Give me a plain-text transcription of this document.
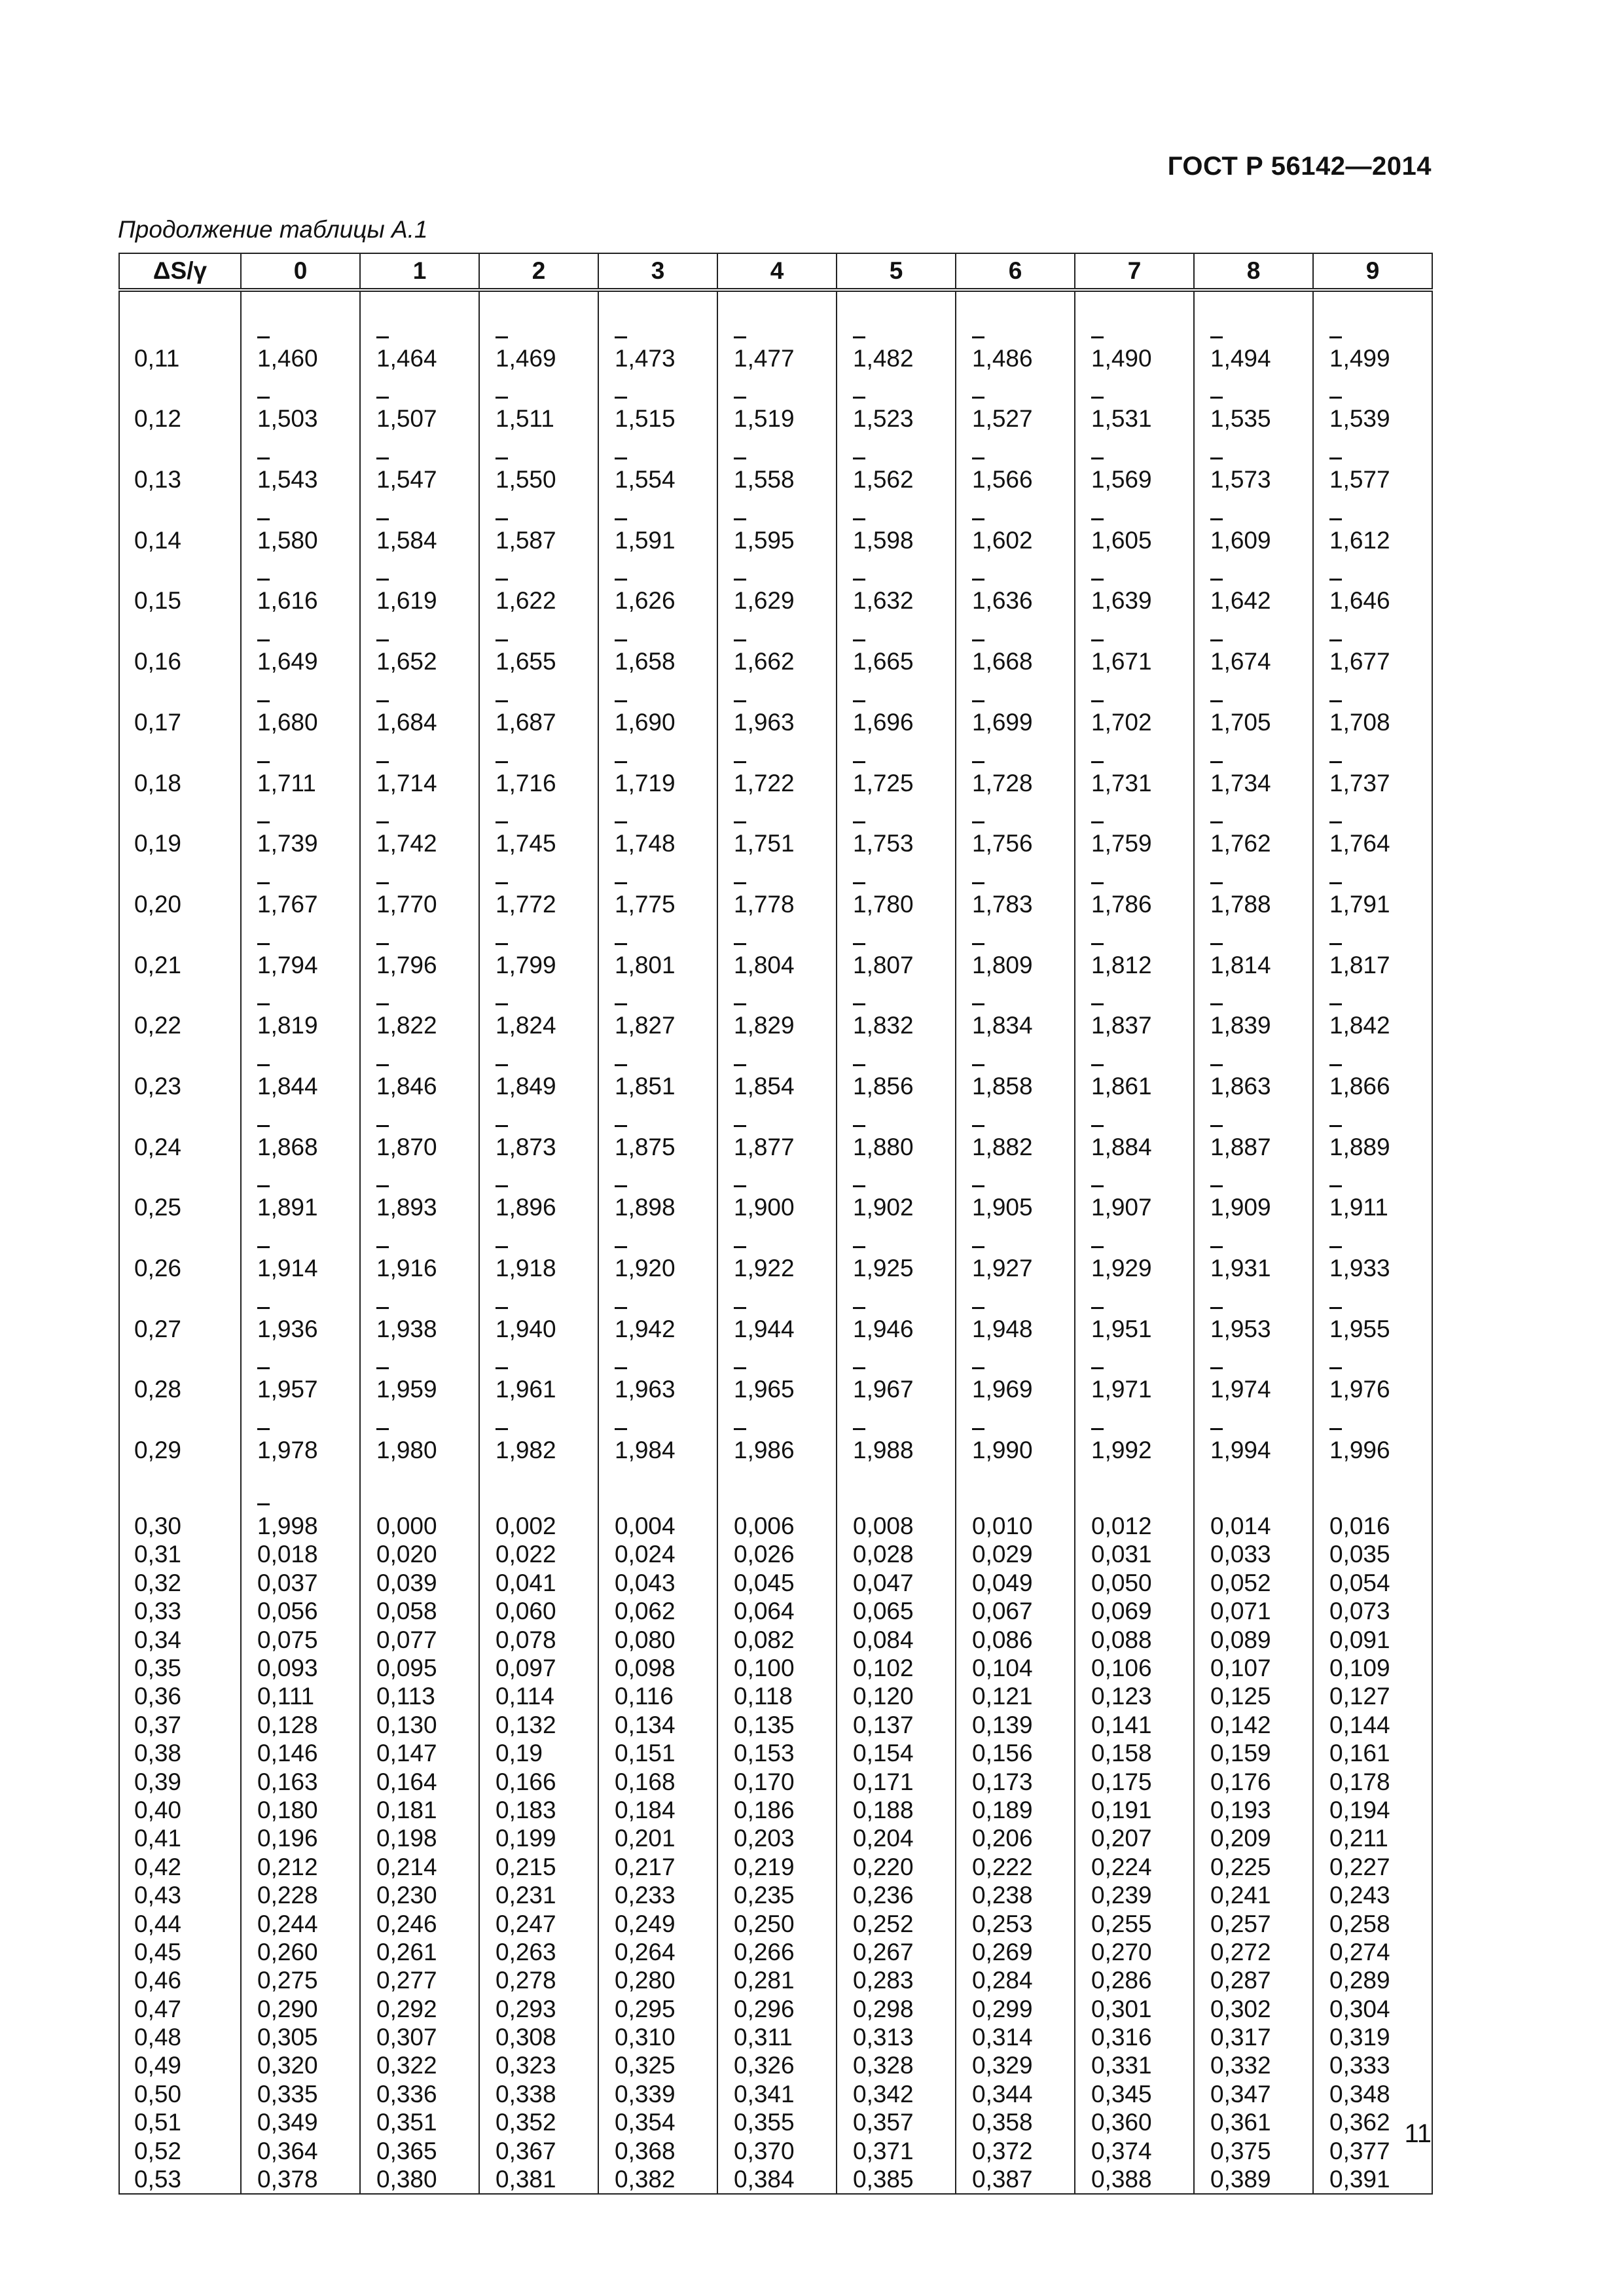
ГОСТ Р 56142—2014
Продолжение таблицы А.1
ΔS/γ	0	1	2	3	4	5	6	7	8	9

0,11	1,460	1,464	1,469	1,473	1,477	1,482	1,486	1,490	1,494	1,499
0,12	1,503	1,507	1,511	1,515	1,519	1,523	1,527	1,531	1,535	1,539
0,13	1,543	1,547	1,550	1,554	1,558	1,562	1,566	1,569	1,573	1,577
0,14	1,580	1,584	1,587	1,591	1,595	1,598	1,602	1,605	1,609	1,612
0,15	1,616	1,619	1,622	1,626	1,629	1,632	1,636	1,639	1,642	1,646
0,16	1,649	1,652	1,655	1,658	1,662	1,665	1,668	1,671	1,674	1,677
0,17	1,680	1,684	1,687	1,690	1,963	1,696	1,699	1,702	1,705	1,708
0,18	1,711	1,714	1,716	1,719	1,722	1,725	1,728	1,731	1,734	1,737
0,19	1,739	1,742	1,745	1,748	1,751	1,753	1,756	1,759	1,762	1,764
0,20	1,767	1,770	1,772	1,775	1,778	1,780	1,783	1,786	1,788	1,791
0,21	1,794	1,796	1,799	1,801	1,804	1,807	1,809	1,812	1,814	1,817
0,22	1,819	1,822	1,824	1,827	1,829	1,832	1,834	1,837	1,839	1,842
0,23	1,844	1,846	1,849	1,851	1,854	1,856	1,858	1,861	1,863	1,866
0,24	1,868	1,870	1,873	1,875	1,877	1,880	1,882	1,884	1,887	1,889
0,25	1,891	1,893	1,896	1,898	1,900	1,902	1,905	1,907	1,909	1,911
0,26	1,914	1,916	1,918	1,920	1,922	1,925	1,927	1,929	1,931	1,933
0,27	1,936	1,938	1,940	1,942	1,944	1,946	1,948	1,951	1,953	1,955
0,28	1,957	1,959	1,961	1,963	1,965	1,967	1,969	1,971	1,974	1,976
0,29	1,978	1,980	1,982	1,984	1,986	1,988	1,990	1,992	1,994	1,996
0,30	1,998	0,000	0,002	0,004	0,006	0,008	0,010	0,012	0,014	0,016
0,31	0,018	0,020	0,022	0,024	0,026	0,028	0,029	0,031	0,033	0,035
0,32	0,037	0,039	0,041	0,043	0,045	0,047	0,049	0,050	0,052	0,054
0,33	0,056	0,058	0,060	0,062	0,064	0,065	0,067	0,069	0,071	0,073
0,34	0,075	0,077	0,078	0,080	0,082	0,084	0,086	0,088	0,089	0,091
0,35	0,093	0,095	0,097	0,098	0,100	0,102	0,104	0,106	0,107	0,109
0,36	0,111	0,113	0,114	0,116	0,118	0,120	0,121	0,123	0,125	0,127
0,37	0,128	0,130	0,132	0,134	0,135	0,137	0,139	0,141	0,142	0,144
0,38	0,146	0,147	0,19	0,151	0,153	0,154	0,156	0,158	0,159	0,161
0,39	0,163	0,164	0,166	0,168	0,170	0,171	0,173	0,175	0,176	0,178
0,40	0,180	0,181	0,183	0,184	0,186	0,188	0,189	0,191	0,193	0,194
0,41	0,196	0,198	0,199	0,201	0,203	0,204	0,206	0,207	0,209	0,211
0,42	0,212	0,214	0,215	0,217	0,219	0,220	0,222	0,224	0,225	0,227
0,43	0,228	0,230	0,231	0,233	0,235	0,236	0,238	0,239	0,241	0,243
0,44	0,244	0,246	0,247	0,249	0,250	0,252	0,253	0,255	0,257	0,258
0,45	0,260	0,261	0,263	0,264	0,266	0,267	0,269	0,270	0,272	0,274
0,46	0,275	0,277	0,278	0,280	0,281	0,283	0,284	0,286	0,287	0,289
0,47	0,290	0,292	0,293	0,295	0,296	0,298	0,299	0,301	0,302	0,304
0,48	0,305	0,307	0,308	0,310	0,311	0,313	0,314	0,316	0,317	0,319
0,49	0,320	0,322	0,323	0,325	0,326	0,328	0,329	0,331	0,332	0,333
0,50	0,335	0,336	0,338	0,339	0,341	0,342	0,344	0,345	0,347	0,348
0,51	0,349	0,351	0,352	0,354	0,355	0,357	0,358	0,360	0,361	0,362
0,52	0,364	0,365	0,367	0,368	0,370	0,371	0,372	0,374	0,375	0,377
0,53	0,378	0,380	0,381	0,382	0,384	0,385	0,387	0,388	0,389	0,391
11
